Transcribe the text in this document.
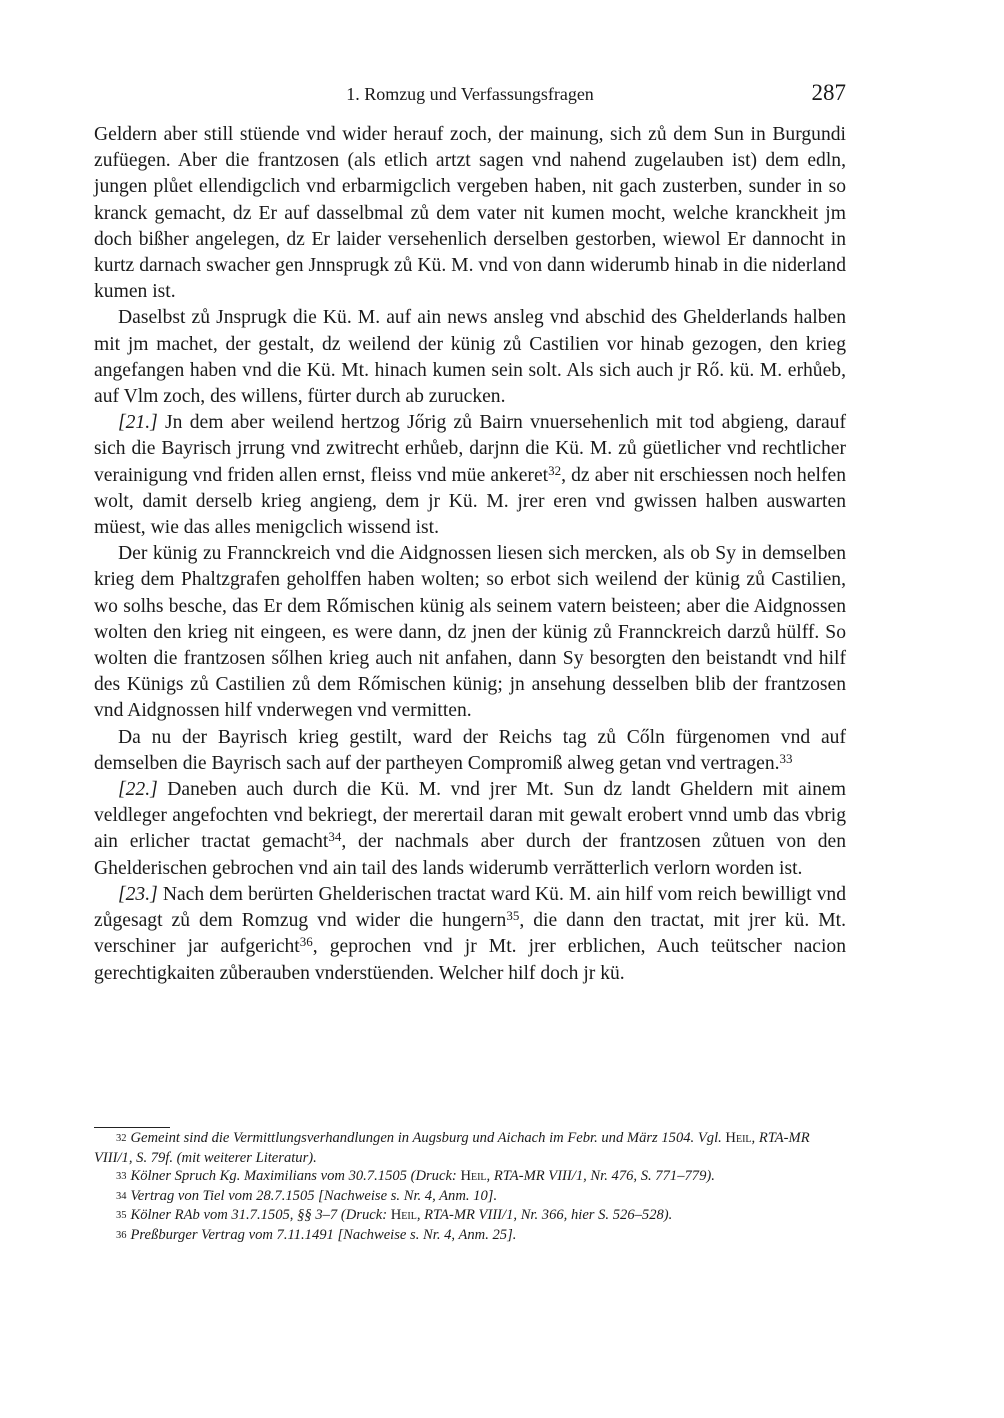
1. Romzug und Verfassungsfragen	287

Geldern aber still stüende vnd wider herauf zoch, der mainung, sich zů dem Sun in Burgundi zufüegen. Aber die frantzosen (als etlich artzt sagen vnd nahend zugelauben ist) dem edln, jungen plůet ellendigclich vnd erbarmigclich vergeben haben, nit gach zusterben, sunder in so kranck gemacht, dz Er auf dasselbmal zů dem vater nit kumen mocht, welche kranckheit jm doch bißher angelegen, dz Er laider versehenlich derselben gestorben, wiewol Er dannocht in kurtz darnach swacher gen Jnnsprugk zů Kü. M. vnd von dann widerumb hinab in die niderland kumen ist.

Daselbst zů Jnsprugk die Kü. M. auf ain news ansleg vnd abschid des Ghelderlands halben mit jm machet, der gestalt, dz weilend der künig zů Castilien vor hinab gezogen, den krieg angefangen haben vnd die Kü. Mt. hinach kumen sein solt. Als sich auch jr Rő. kü. M. erhůeb, auf Vlm zoch, des willens, fürter durch ab zurucken.

[21.] Jn dem aber weilend hertzog Jőrig zů Bairn vnuersehenlich mit tod abgieng, darauf sich die Bayrisch jrrung vnd zwitrecht erhůeb, darjnn die Kü. M. zů güetlicher vnd rechtlicher verainigung vnd friden allen ernst, fleiss vnd müe ankeret$^{32}$, dz aber nit erschiessen noch helfen wolt, damit derselb krieg angieng, dem jr Kü. M. jrer eren vnd gwissen halben auswarten müest, wie das alles menigclich wissend ist.

Der künig zu Frannckreich vnd die Aidgnossen liesen sich mercken, als ob Sy in demselben krieg dem Phaltzgrafen geholffen haben wolten; so erbot sich weilend der künig zů Castilien, wo solhs besche, das Er dem Rőmischen künig als seinem vatern beisteen; aber die Aidgnossen wolten den krieg nit eingeen, es were dann, dz jnen der künig zů Frannckreich darzů hülff. So wolten die frantzosen sőlhen krieg auch nit anfahen, dann Sy besorgten den beistandt vnd hilf des Künigs zů Castilien zů dem Rőmischen künig; jn ansehung desselben blib der frantzosen vnd Aidgnossen hilf vnderwegen vnd vermitten.

Da nu der Bayrisch krieg gestilt, ward der Reichs tag zů Cőln fürgenomen vnd auf demselben die Bayrisch sach auf der partheyen Compromiß alweg getan vnd vertragen.$^{33}$

[22.] Daneben auch durch die Kü. M. vnd jrer Mt. Sun dz landt Gheldern mit ainem veldleger angefochten vnd bekriegt, der merertail daran mit gewalt erobert vnnd umb das vbrig ain erlicher tractat gemacht$^{34}$, der nachmals aber durch der frantzosen zůtuen von den Ghelderischen gebrochen vnd ain tail des lands widerumb verrătterlich verlorn worden ist.

[23.] Nach dem berürten Ghelderischen tractat ward Kü. M. ain hilf vom reich bewilligt vnd zůgesagt zů dem Romzug vnd wider die hungern$^{35}$, die dann den tractat, mit jrer kü. Mt. verschiner jar aufgericht$^{36}$, geprochen vnd jr Mt. jrer erblichen, Auch teütscher nacion gerechtigkaiten zůberauben vnderstüenden. Welcher hilf doch jr kü.

32 Gemeint sind die Vermittlungsverhandlungen in Augsburg und Aichach im Febr. und März 1504. Vgl. Heil, RTA-MR VIII/1, S. 79f. (mit weiterer Literatur).

33 Kölner Spruch Kg. Maximilians vom 30.7.1505 (Druck: Heil, RTA-MR VIII/1, Nr. 476, S. 771–779).

34 Vertrag von Tiel vom 28.7.1505 [Nachweise s. Nr. 4, Anm. 10].

35 Kölner RAb vom 31.7.1505, §§ 3–7 (Druck: Heil, RTA-MR VIII/1, Nr. 366, hier S. 526–528).

36 Preßburger Vertrag vom 7.11.1491 [Nachweise s. Nr. 4, Anm. 25].
